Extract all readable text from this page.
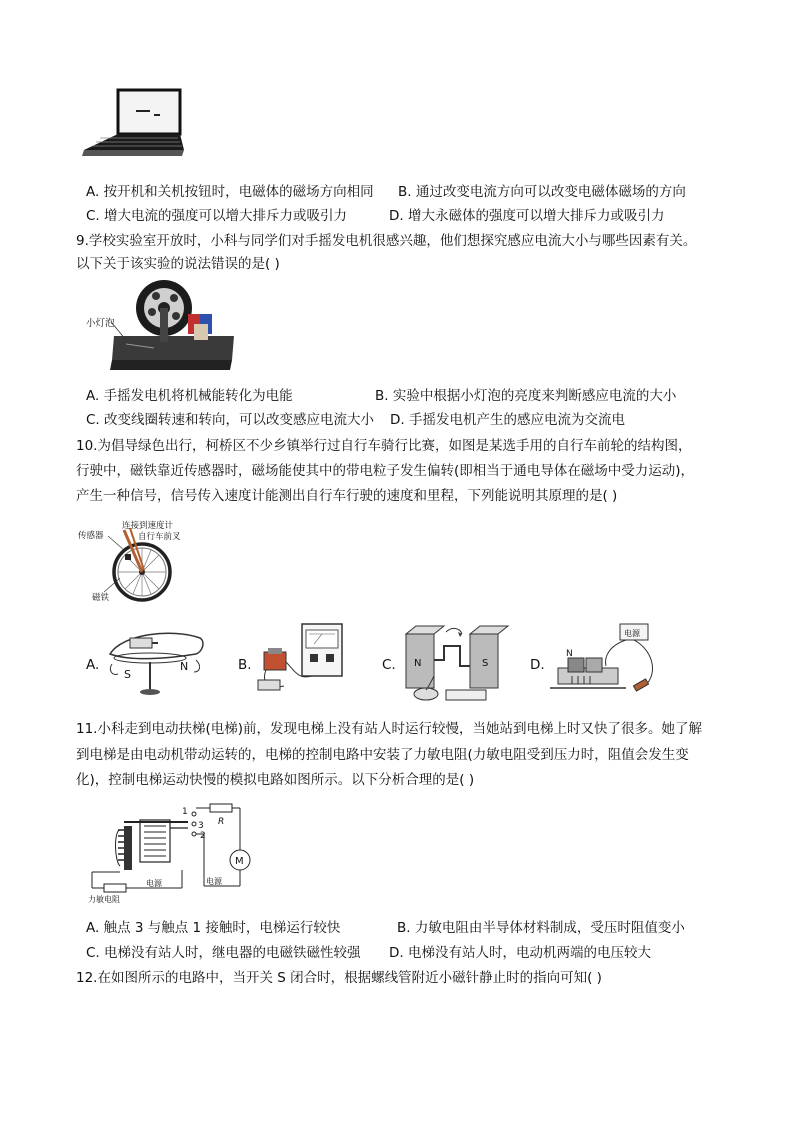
A. 按开机和关机按钮时，电磁体的磁场方向相同 B. 通过改变电流方向可以改变电磁体磁场的方向
C. 增大电流的强度可以增大排斥力或吸引力	D. 增大永磁体的强度可以增大排斥力或吸引力
9.学校实验室开放时，小科与同学们对手摇发电机很感兴趣，他们想探究感应电流大小与哪些因素有关。
以下关于该实验的说法错误的是( )
小灯泡
A. 手摇发电机将机械能转化为电能	B. 实验中根据小灯泡的亮度来判断感应电流的大小
C. 改变线圈转速和转向，可以改变感应电流大小 D. 手摇发电机产生的感应电流为交流电
10.为倡导绿色出行，柯桥区不少乡镇举行过自行车骑行比赛，如图是某选手用的自行车前轮的结构图，
行驶中，磁铁靠近传感器时，磁场能使其中的带电粒子发生偏转(即相当于通电导体在磁场中受力运动)，
产生一种信号，信号传入速度计能测出自行车行驶的速度和里程，下列能说明其原理的是( )
传感器
连接到速度计
自行车前叉
磁铁
A.
S
N	B.	C. N	S	D.
电源
N
11.小科走到电动扶梯(电梯)前，发现电梯上没有站人时运行较慢，当她站到电梯上时又快了很多。她了解
到电梯是由电动机带动运转的，电梯的控制电路中安装了力敏电阻(力敏电阻受到压力时，阻值会发生变
化)，控制电梯运动快慢的模拟电路如图所示。以下分析合理的是( )
1
3
2
R
M
电源
电源
力敏电阻
A. 触点 3 与触点 1 接触时，电梯运行较快	B. 力敏电阻由半导体材料制成，受压时阻值变小
C. 电梯没有站人时，继电器的电磁铁磁性较强 D. 电梯没有站人时，电动机两端的电压较大
12.在如图所示的电路中，当开关 S 闭合时，根据螺线管附近小磁针静止时的指向可知( )
